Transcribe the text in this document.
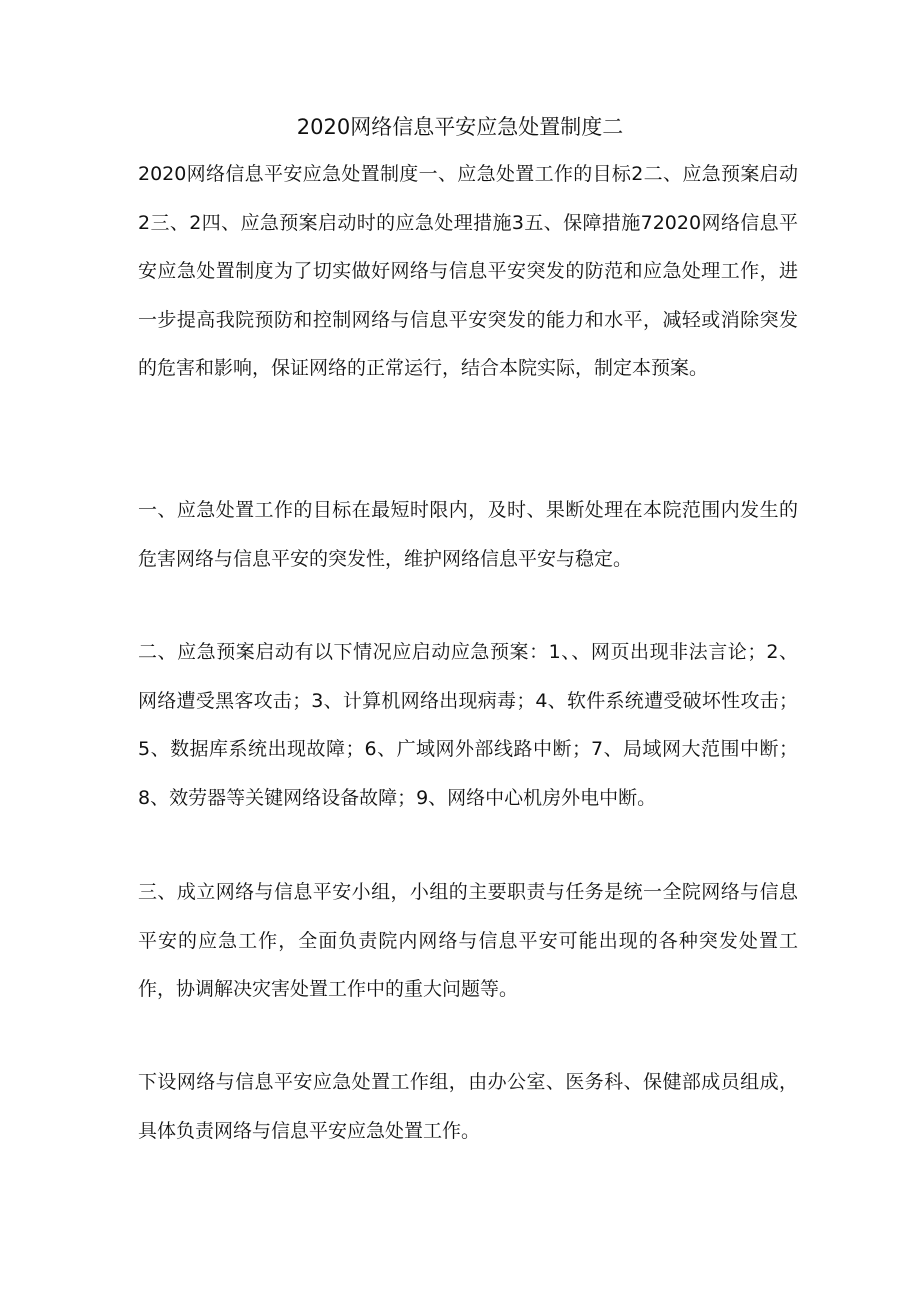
2020网络信息平安应急处置制度二
2020网络信息平安应急处置制度一、应急处置工作的目标2二、应急预案启动2三、2四、应急预案启动时的应急处理措施3五、保障措施72020网络信息平安应急处置制度为了切实做好网络与信息平安突发的防范和应急处理工作，进一步提高我院预防和控制网络与信息平安突发的能力和水平，减轻或消除突发的危害和影响，保证网络的正常运行，结合本院实际，制定本预案。
一、应急处置工作的目标在最短时限内，及时、果断处理在本院范围内发生的危害网络与信息平安的突发性，维护网络信息平安与稳定。
二、应急预案启动有以下情况应启动应急预案：1、、网页出现非法言论；2、网络遭受黑客攻击；3、计算机网络出现病毒；4、软件系统遭受破坏性攻击；5、数据库系统出现故障；6、广域网外部线路中断；7、局域网大范围中断；8、效劳器等关键网络设备故障；9、网络中心机房外电中断。
三、成立网络与信息平安小组，小组的主要职责与任务是统一全院网络与信息平安的应急工作，全面负责院内网络与信息平安可能出现的各种突发处置工作，协调解决灾害处置工作中的重大问题等。
下设网络与信息平安应急处置工作组，由办公室、医务科、保健部成员组成，具体负责网络与信息平安应急处置工作。
